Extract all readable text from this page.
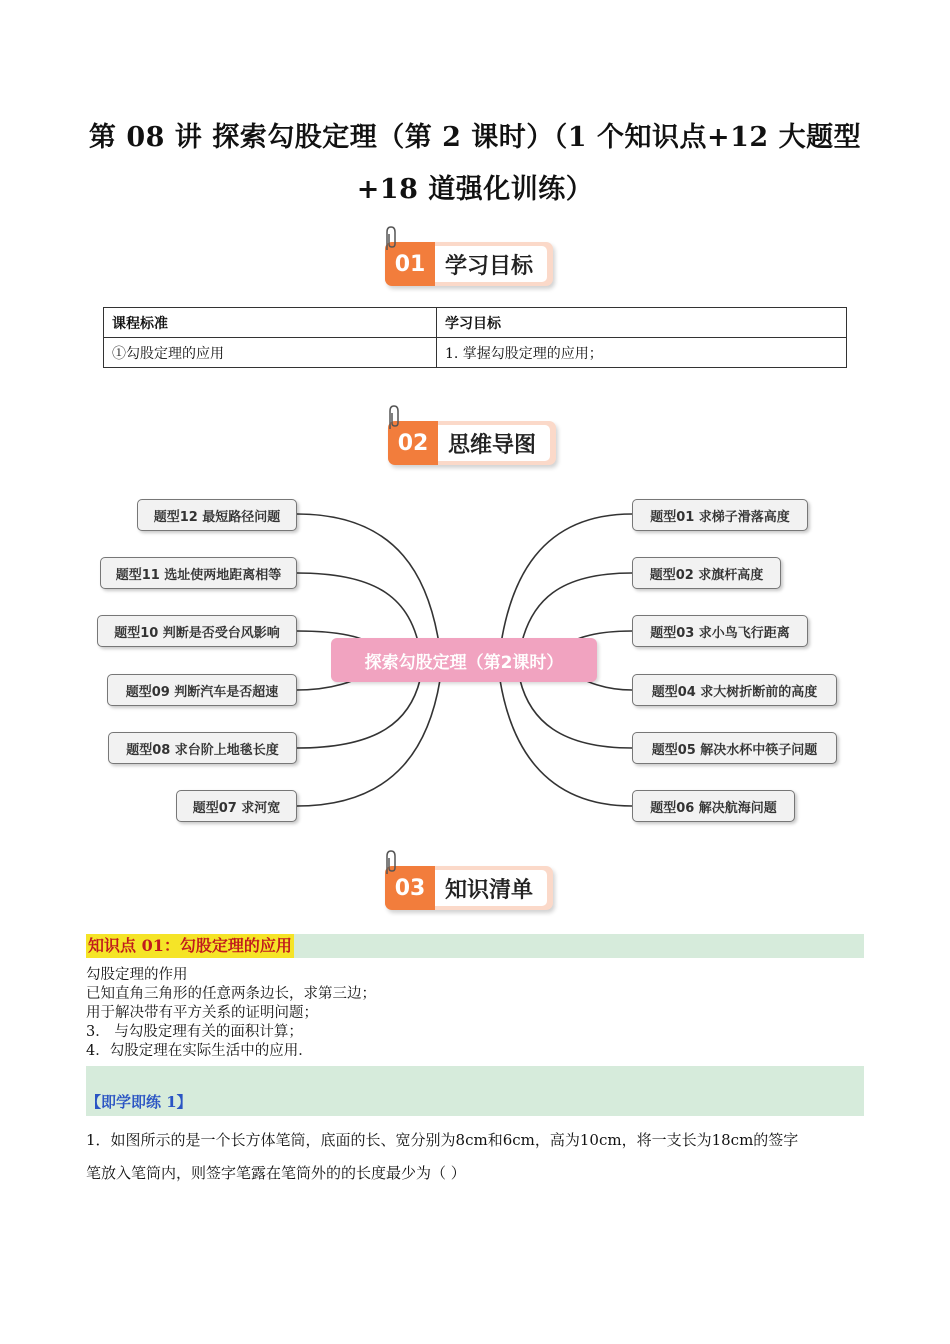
第 08 讲 探索勾股定理（第 2 课时）（1 个知识点+12 大题型
+18 道强化训练）
01 学习目标
课程标准	学习目标
①勾股定理的应用	1. 掌握勾股定理的应用；
02 思维导图
探索勾股定理（第2课时）
题型12 最短路径问题
题型11 选址使两地距离相等
题型10 判断是否受台风影响
题型09 判断汽车是否超速
题型08 求台阶上地毯长度
题型07 求河宽
题型01 求梯子滑落高度
题型02 求旗杆高度
题型03 求小鸟飞行距离
题型04 求大树折断前的高度
题型05 解决水杯中筷子问题
题型06 解决航海问题
03 知识清单
知识点 01：勾股定理的应用

勾股定理的作用

已知直角三角形的任意两条边长，求第三边；

用于解决带有平方关系的证明问题；

3． 与勾股定理有关的面积计算；

4．勾股定理在实际生活中的应用．

【即学即练 1】

1．如图所示的是一个长方体笔筒，底面的长、宽分别为8cm和6cm，高为10cm，将一支长为18cm的签字

笔放入笔筒内，则签字笔露在笔筒外的的长度最少为（ ）
